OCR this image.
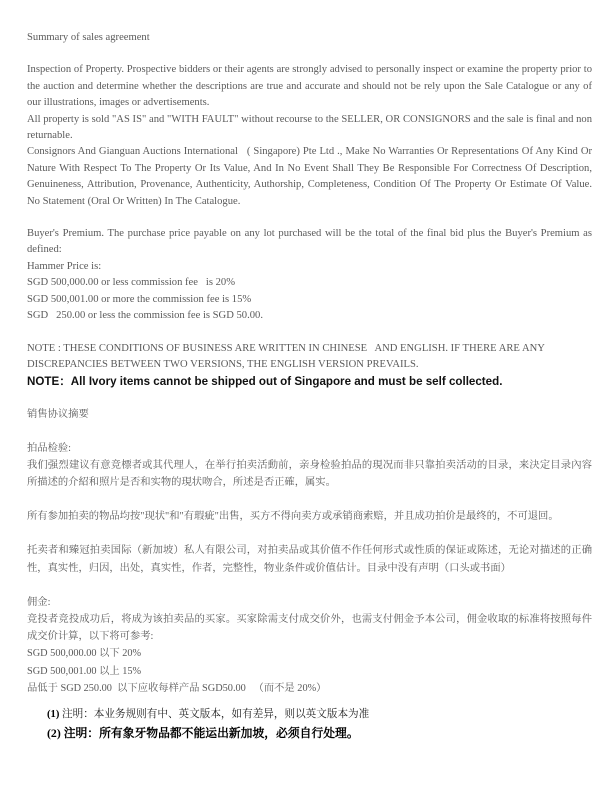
Summary of sales agreement

Inspection of Property. Prospective bidders or their agents are strongly advised to personally inspect or examine the property prior to the auction and determine whether the descriptions are true and accurate and should not be rely upon the Sale Catalogue or any of our illustrations, images or advertisements.

All property is sold "AS IS" and "WITH FAULT" without recourse to the SELLER, OR CONSIGNORS and the sale is final and non returnable.

Consignors And Gianguan Auctions International   ( Singapore) Pte Ltd ., Make No Warranties Or Representations Of Any Kind Or Nature With Respect To The Property Or Its Value, And In No Event Shall They Be Responsible For Correctness Of Description, Genuineness, Attribution, Provenance, Authenticity, Authorship, Completeness, Condition Of The Property Or Estimate Of Value. No Statement (Oral Or Written) In The Catalogue.

Buyer's Premium. The purchase price payable on any lot purchased will be the total of the final bid plus the Buyer's Premium as defined:

Hammer Price is:

SGD 500,000.00 or less commission fee   is 20%

SGD 500,001.00 or more the commission fee is 15%

SGD   250.00 or less the commission fee is SGD 50.00.

NOTE : THESE CONDITIONS OF BUSINESS ARE WRITTEN IN CHINESE   AND ENGLISH. IF THERE ARE ANY DISCREPANCIES BETWEEN TWO VERSIONS, THE ENGLISH VERSION PREVAILS.

NOTE：All Ivory items cannot be shipped out of Singapore and must be self collected.

销售协议摘要

拍品检验:

我们强烈建议有意竞標者或其代理人，在举行拍卖活動前，亲身检验拍品的現况而非只靠拍卖活动的目录，来決定目录內容所描述的介紹和照片是否和实物的現状吻合，所述是否正確，属实。

所有参加拍卖的物品均按"现状"和"有瑕疵"出售，买方不得向卖方或承销商索赔，并且成功拍价是最终的，不可退回。

托卖者和臻冠拍卖国际（新加坡）私人有限公司，对拍卖品或其价值不作任何形式或性质的保证或陈述，无论对描述的正确性，真实性，归因，出处，真实性，作者，完整性，物业条件或价值估计。目录中没有声明（口头或书面）

佣金:

竞投者竞投成功后，将成为该拍卖品的买家。买家除需支付成交价外，也需支付佣金予本公司，佣金收取的标准将按照每件成交价计算，以下将可参考:

SGD 500,000.00 以下 20%

SGD 500,001.00 以上 15%

品低于 SGD 250.00  以下应收每样产品 SGD50.00   （而不是 20%）

(1) 注明：本业务规则有中、英文版本，如有差异，则以英文版本为准

(2) 注明：所有象牙物品都不能运出新加坡，必须自行处理。
